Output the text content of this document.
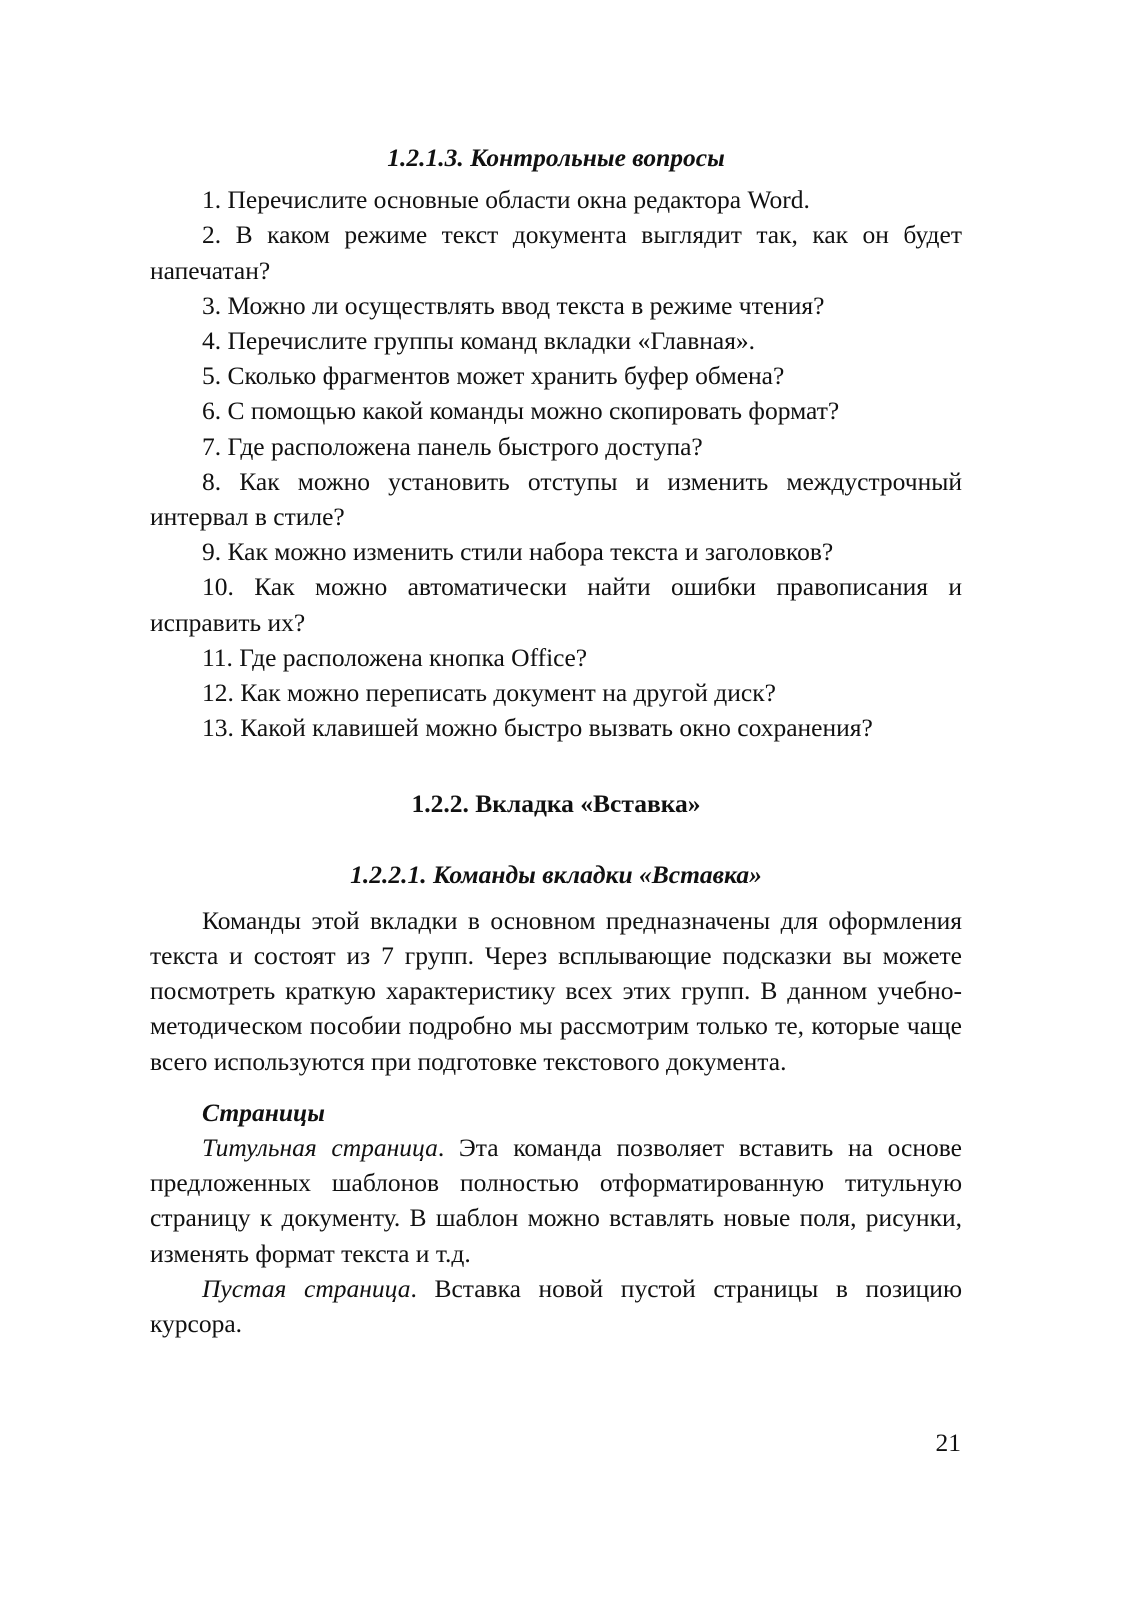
1.2.1.3. Контрольные вопросы

1. Перечислите основные области окна редактора Word.

2. В каком режиме текст документа выглядит так, как он будет напечатан?

3. Можно ли осуществлять ввод текста в режиме чтения?

4. Перечислите группы команд вкладки «Главная».

5. Сколько фрагментов может хранить буфер обмена?

6. С помощью какой команды можно скопировать формат?

7. Где расположена панель быстрого доступа?

8. Как можно установить отступы и изменить междустрочный интервал в стиле?

9. Как можно изменить стили набора текста и заголовков?

10. Как можно автоматически найти ошибки правописания и исправить их?

11. Где расположена кнопка Office?

12. Как можно переписать документ на другой диск?

13. Какой клавишей можно быстро вызвать окно сохранения?

1.2.2. Вкладка «Вставка»

1.2.2.1. Команды вкладки «Вставка»

Команды этой вкладки в основном предназначены для оформления текста и состоят из 7 групп. Через всплывающие подсказки вы можете посмотреть краткую характеристику всех этих групп. В данном учебно-методическом пособии подробно мы рассмотрим только те, которые чаще всего используются при подготовке текстового документа.

Страницы

Титульная страница. Эта команда позволяет вставить на основе предложенных шаблонов полностью отформатированную титульную страницу к документу. В шаблон можно вставлять новые поля, рисунки, изменять формат текста и т.д.

Пустая страница. Вставка новой пустой страницы в позицию курсора.

21
